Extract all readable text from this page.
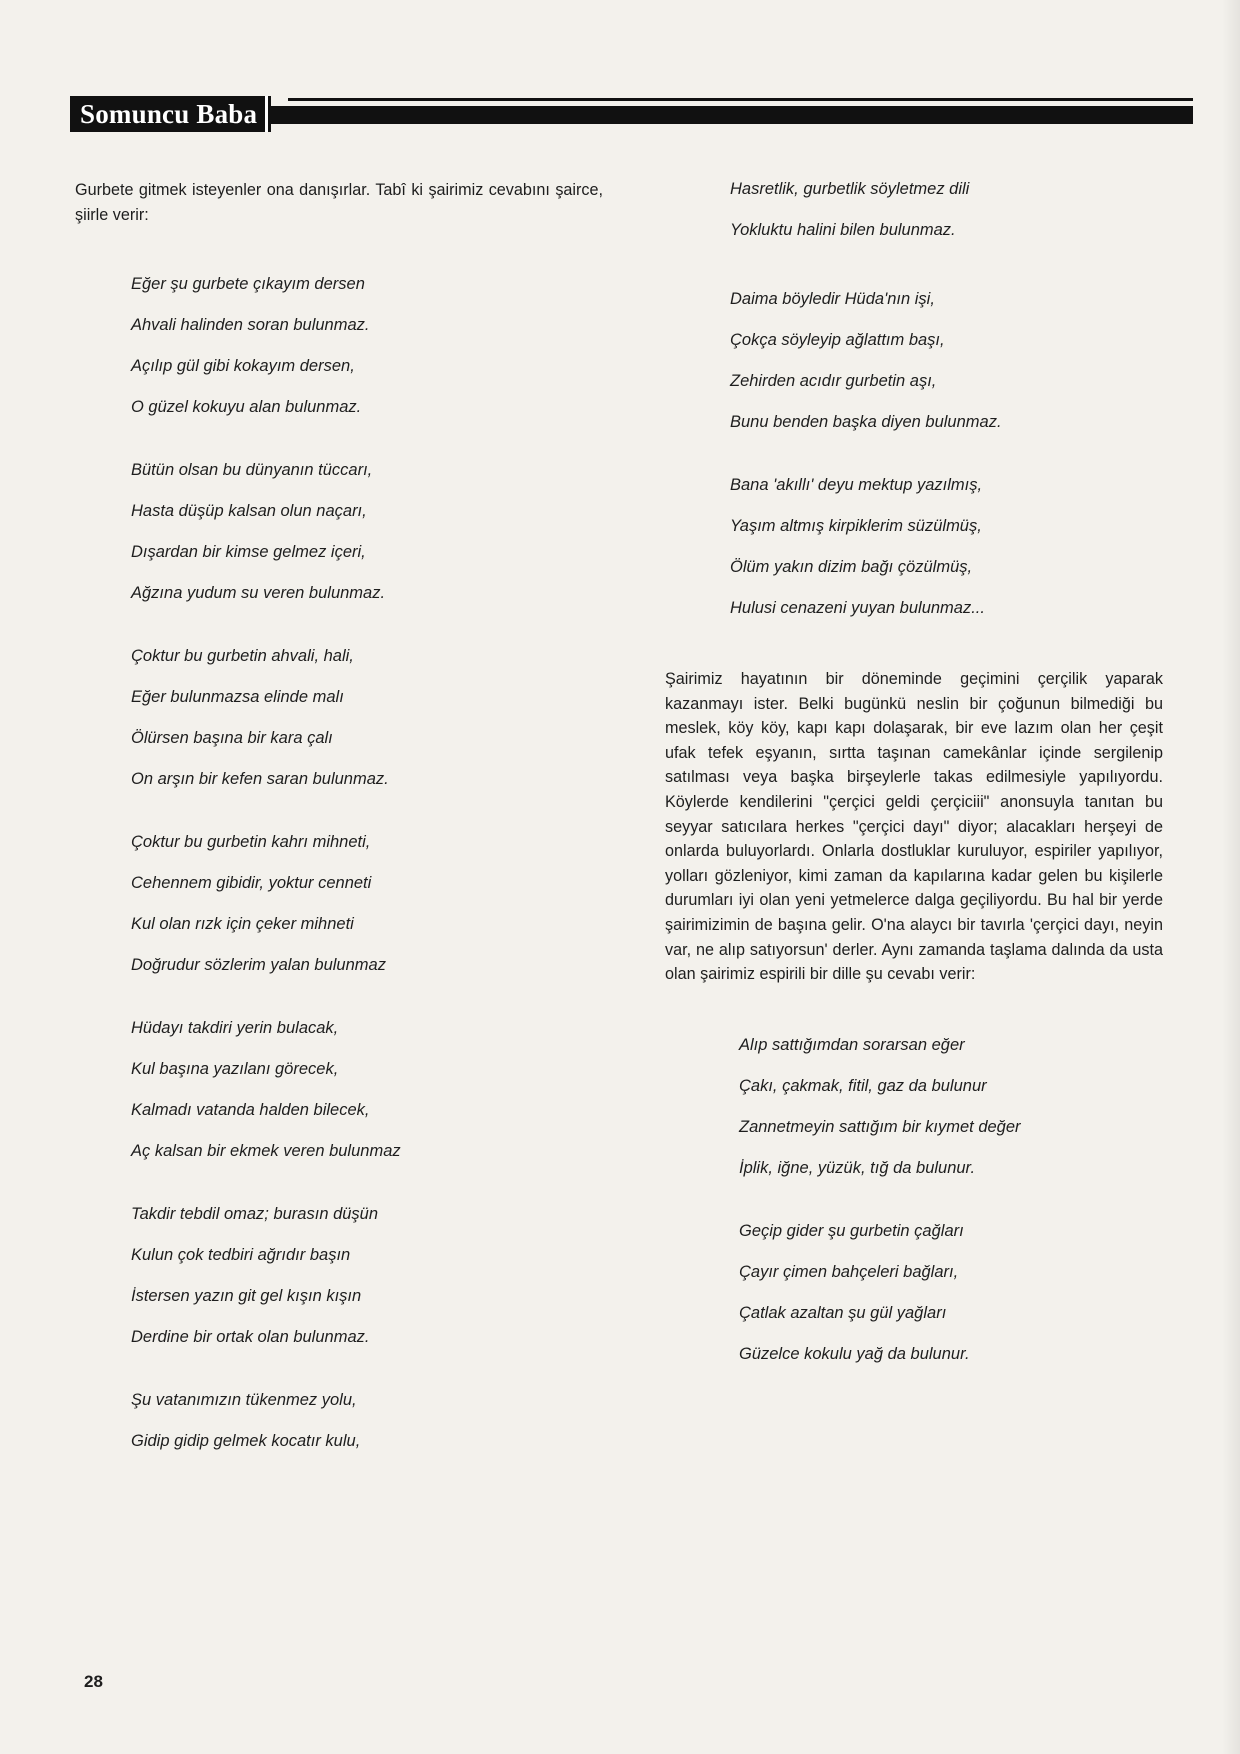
Somuncu Baba

Gurbete gitmek isteyenler ona danışırlar. Tabî ki şairimiz cevabını şairce, şiirle verir:

Eğer şu gurbete çıkayım dersen
Ahvali halinden soran bulunmaz.
Açılıp gül gibi kokayım dersen,
O güzel kokuyu alan bulunmaz.
Bütün olsan bu dünyanın tüccarı,
Hasta düşüp kalsan olun naçarı,
Dışardan bir kimse gelmez içeri,
Ağzına yudum su veren bulunmaz.
Çoktur bu gurbetin ahvali, hali,
Eğer bulunmazsa elinde malı
Ölürsen başına bir kara çalı
On arşın bir kefen saran bulunmaz.
Çoktur bu gurbetin kahrı mihneti,
Cehennem gibidir, yoktur cenneti
Kul olan rızk için çeker mihneti
Doğrudur sözlerim yalan bulunmaz
Hüdayı takdiri yerin bulacak,
Kul başına yazılanı görecek,
Kalmadı vatanda halden bilecek,
Aç kalsan bir ekmek veren bulunmaz
Takdir tebdil omaz; burasın düşün
Kulun çok tedbiri ağrıdır başın
İstersen yazın git gel kışın kışın
Derdine bir ortak olan bulunmaz.
Şu vatanımızın tükenmez yolu,
Gidip gidip gelmek kocatır kulu,
Hasretlik, gurbetlik söyletmez dili
Yokluktu halini bilen bulunmaz.
Daima böyledir Hüda'nın işi,
Çokça söyleyip ağlattım başı,
Zehirden acıdır gurbetin aşı,
Bunu benden başka diyen bulunmaz.
Bana 'akıllı' deyu mektup yazılmış,
Yaşım altmış kirpiklerim süzülmüş,
Ölüm yakın dizim bağı çözülmüş,
Hulusi cenazeni yuyan bulunmaz...

Şairimiz hayatının bir döneminde geçimini çerçilik yaparak kazanmayı ister. Belki bugünkü neslin bir çoğunun bilmediği bu meslek, köy köy, kapı kapı dolaşarak, bir eve lazım olan her çeşit ufak tefek eşyanın, sırtta taşınan camekânlar içinde sergilenip satılması veya başka birşeylerle takas edilmesiyle yapılıyordu. Köylerde kendilerini "çerçici geldi çerçiciii" anonsuyla tanıtan bu seyyar satıcılara herkes "çerçici dayı" diyor; alacakları herşeyi de onlarda buluyorlardı. Onlarla dostluklar kuruluyor, espiriler yapılıyor, yolları gözleniyor, kimi zaman da kapılarına kadar gelen bu kişilerle durumları iyi olan yeni yetmelerce dalga geçiliyordu. Bu hal bir yerde şairimizimin de başına gelir. O'na alaycı bir tavırla 'çerçici dayı, neyin var, ne alıp satıyorsun' derler. Aynı zamanda taşlama dalında da usta olan şairimiz espirili bir dille şu cevabı verir:

Alıp sattığımdan sorarsan eğer
Çakı, çakmak, fitil, gaz da bulunur
Zannetmeyin sattığım bir kıymet değer
İplik, iğne, yüzük, tığ da bulunur.
Geçip gider şu gurbetin çağları
Çayır çimen bahçeleri bağları,
Çatlak azaltan şu gül yağları
Güzelce kokulu yağ da bulunur.
28
